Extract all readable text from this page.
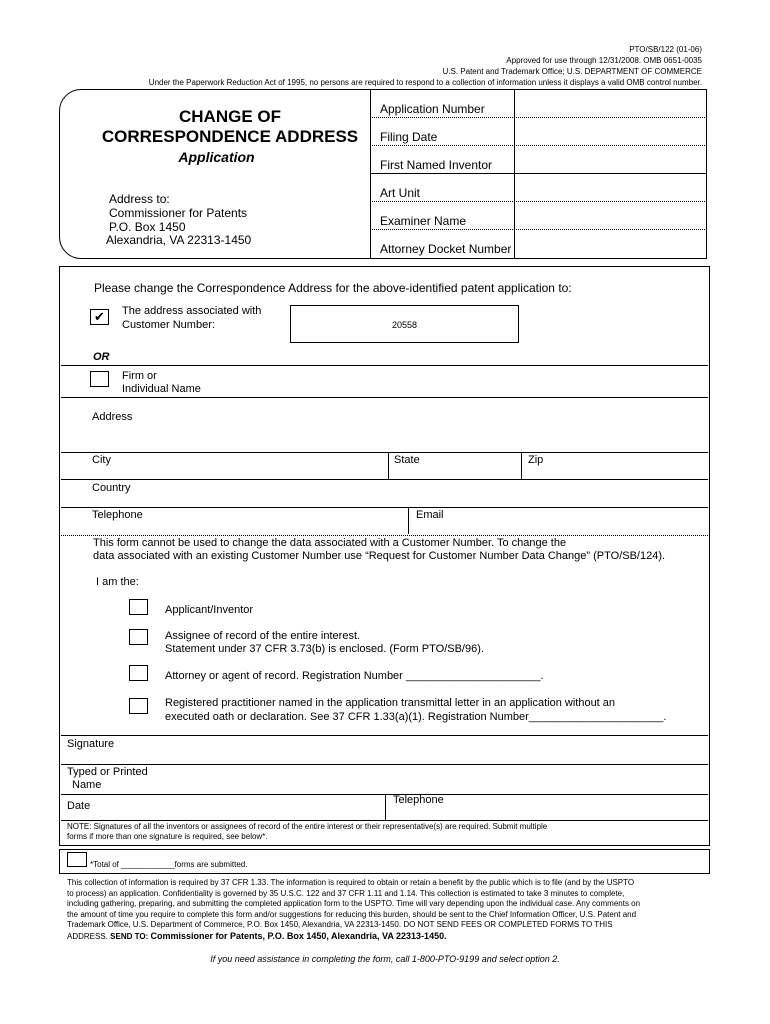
PTO/SB/122 (01-06)
Approved for use through 12/31/2008. OMB 0651-0035
U.S. Patent and Trademark Office; U.S. DEPARTMENT OF COMMERCE
Under the Paperwork Reduction Act of 1995, no persons are required to respond to a collection of information unless it displays a valid OMB control number.
CHANGE OF
CORRESPONDENCE ADDRESS
Application
Address to:
Commissioner for Patents
P.O. Box 1450
Alexandria, VA 22313-1450
Application Number
Filing Date
First Named Inventor
Art Unit
Examiner Name
Attorney Docket Number
Please change the Correspondence Address for the above-identified patent application to:
✔	The address associated with
Customer Number:	20558
OR
Firm or
Individual Name
Address
City	State	Zip
Country
Telephone	Email
This form cannot be used to change the data associated with a Customer Number. To change the
data associated with an existing Customer Number use “Request for Customer Number Data Change” (PTO/SB/124).
I am the:
Applicant/Inventor
Assignee of record of the entire interest.
Statement under 37 CFR 3.73(b) is enclosed. (Form PTO/SB/96).
Attorney or agent of record. Registration Number ______________________.
Registered practitioner named in the application transmittal letter in an application without an
executed oath or declaration. See 37 CFR 1.33(a)(1). Registration Number______________________.
Signature
Typed or Printed
Name
Date	Telephone
NOTE: Signatures of all the inventors or assignees of record of the entire interest or their representative(s) are required. Submit multiple
forms if more than one signature is required, see below*.
*Total of ____________forms are submitted.
This collection of information is required by 37 CFR 1.33. The information is required to obtain or retain a benefit by the public which is to file (and by the USPTO
to process) an application. Confidentiality is governed by 35 U.S.C. 122 and 37 CFR 1.11 and 1.14. This collection is estimated to take 3 minutes to complete,
including gathering, preparing, and submitting the completed application form to the USPTO. Time will vary depending upon the individual case. Any comments on
the amount of time you require to complete this form and/or suggestions for reducing this burden, should be sent to the Chief Information Officer, U.S. Patent and
Trademark Office, U.S. Department of Commerce, P.O. Box 1450, Alexandria, VA 22313-1450. DO NOT SEND FEES OR COMPLETED FORMS TO THIS
ADDRESS. SEND TO: Commissioner for Patents, P.O. Box 1450, Alexandria, VA 22313-1450.
If you need assistance in completing the form, call 1-800-PTO-9199 and select option 2.
